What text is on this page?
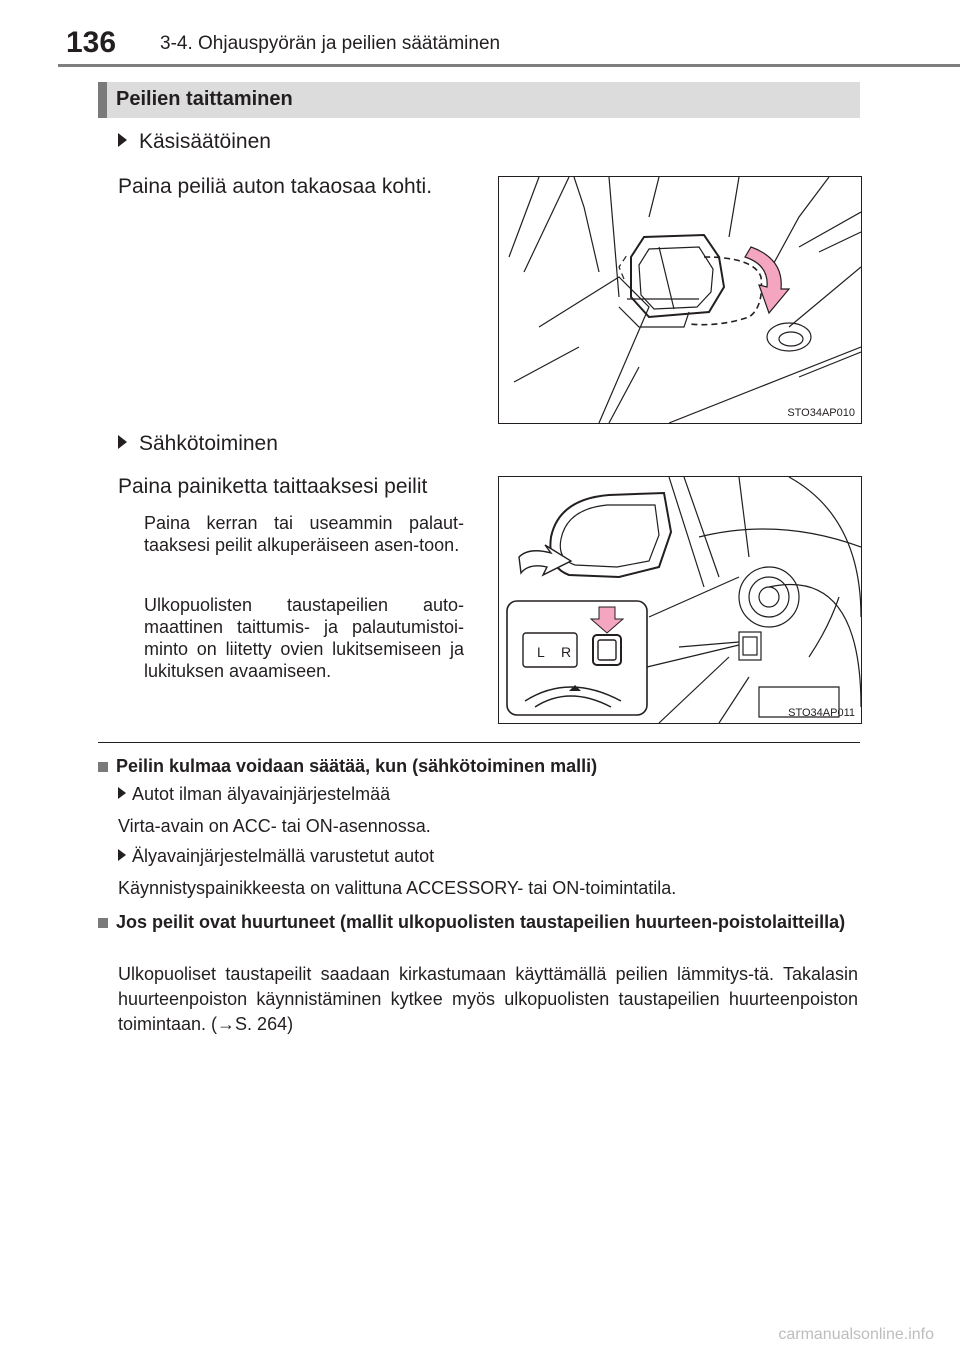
136 3-4. Ohjauspyörän ja peilien säätäminen
Peilien taittaminen
Käsisäätöinen
Paina peiliä auton takaosaa kohti.
STO34AP010
Sähkötoiminen
Paina painiketta taittaaksesi peilit
Paina kerran tai useammin palaut-taaksesi peilit alkuperäiseen asen-toon.
Ulkopuolisten taustapeilien auto-maattinen taittumis- ja palautumistoi-minto on liitetty ovien lukitsemiseen ja lukituksen avaamiseen.
L R
STO34AP011
Peilin kulmaa voidaan säätää, kun (sähkötoiminen malli)
Autot ilman älyavainjärjestelmää
Virta-avain on ACC- tai ON-asennossa.
Älyavainjärjestelmällä varustetut autot
Käynnistyspainikkeesta on valittuna ACCESSORY- tai ON-toimintatila.
Jos peilit ovat huurtuneet (mallit ulkopuolisten taustapeilien huurteen-poistolaitteilla)
Ulkopuoliset taustapeilit saadaan kirkastumaan käyttämällä peilien lämmitys-tä. Takalasin huurteenpoiston käynnistäminen kytkee myös ulkopuolisten taustapeilien huurteenpoiston toimintaan. (→S. 264)
carmanualsonline.info
